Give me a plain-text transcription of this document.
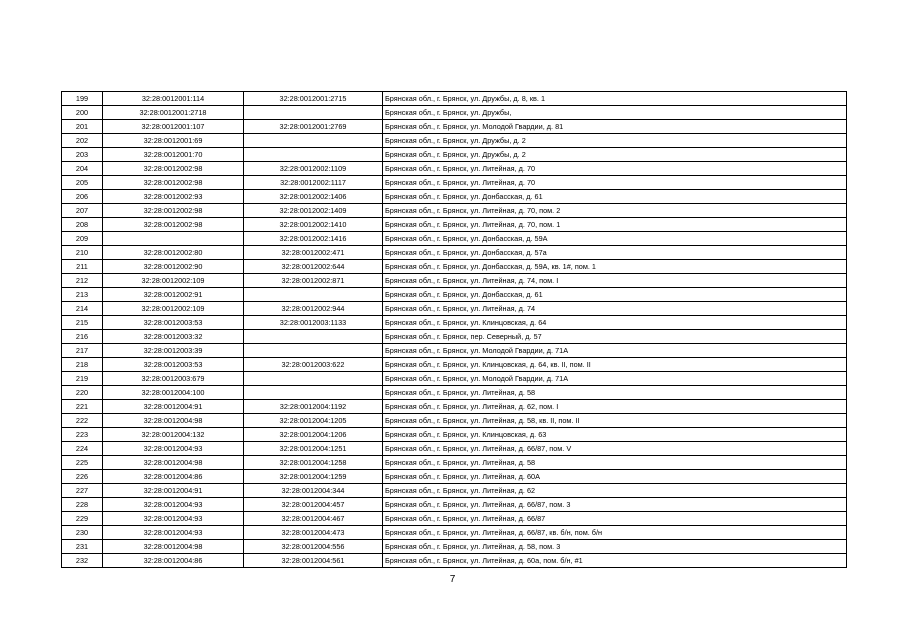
199	32:28:0012001:114	32:28:0012001:2715	Брянская обл., г. Брянск, ул. Дружбы, д. 8, кв. 1
200	32:28:0012001:2718		Брянская обл., г. Брянск, ул. Дружбы,
201	32:28:0012001:107	32:28:0012001:2769	Брянская обл., г. Брянск, ул. Молодой Гвардии, д. 81
202	32:28:0012001:69		Брянская обл., г. Брянск, ул. Дружбы, д. 2
203	32:28:0012001:70		Брянская обл., г. Брянск, ул. Дружбы, д. 2
204	32:28:0012002:98	32:28:0012002:1109	Брянская обл., г. Брянск, ул. Литейная, д. 70
205	32:28:0012002:98	32:28:0012002:1117	Брянская обл., г. Брянск, ул. Литейная, д. 70
206	32:28:0012002:93	32:28:0012002:1406	Брянская обл., г. Брянск, ул. Донбасская, д. 61
207	32:28:0012002:98	32:28:0012002:1409	Брянская обл., г. Брянск, ул. Литейная, д. 70, пом. 2
208	32:28:0012002:98	32:28:0012002:1410	Брянская обл., г. Брянск, ул. Литейная, д. 70, пом. 1
209		32:28:0012002:1416	Брянская обл., г. Брянск, ул. Донбасская, д. 59А
210	32:28:0012002:80	32:28:0012002:471	Брянская обл., г. Брянск, ул. Донбасская, д. 57а
211	32:28:0012002:90	32:28:0012002:644	Брянская обл., г. Брянск, ул. Донбасская, д. 59А, кв. 1#, пом. 1
212	32:28:0012002:109	32:28:0012002:871	Брянская обл., г. Брянск, ул. Литейная, д. 74, пом. I
213	32:28:0012002:91		Брянская обл., г. Брянск, ул. Донбасская, д. 61
214	32:28:0012002:109	32:28:0012002:944	Брянская обл., г. Брянск, ул. Литейная, д. 74
215	32:28:0012003:53	32:28:0012003:1133	Брянская обл., г. Брянск, ул. Клинцовская, д. 64
216	32:28:0012003:32		Брянская обл., г. Брянск, пер. Северный, д. 57
217	32:28:0012003:39		Брянская обл., г. Брянск, ул. Молодой Гвардии, д. 71А
218	32:28:0012003:53	32:28:0012003:622	Брянская обл., г. Брянск, ул. Клинцовская, д. 64, кв. II, пом. II
219	32:28:0012003:679		Брянская обл., г. Брянск, ул. Молодой Гвардии, д. 71А
220	32:28:0012004:100		Брянская обл., г. Брянск, ул. Литейная, д. 58
221	32:28:0012004:91	32:28:0012004:1192	Брянская обл., г. Брянск, ул. Литейная, д. 62, пом. I
222	32:28:0012004:98	32:28:0012004:1205	Брянская обл., г. Брянск, ул. Литейная, д. 58, кв. II, пом. II
223	32:28:0012004:132	32:28:0012004:1206	Брянская обл., г. Брянск, ул. Клинцовская, д. 63
224	32:28:0012004:93	32:28:0012004:1251	Брянская обл., г. Брянск, ул. Литейная, д. 66/87, пом. V
225	32:28:0012004:98	32:28:0012004:1258	Брянская обл., г. Брянск, ул. Литейная, д. 58
226	32:28:0012004:86	32:28:0012004:1259	Брянская обл., г. Брянск, ул. Литейная, д. 60А
227	32:28:0012004:91	32:28:0012004:344	Брянская обл., г. Брянск, ул. Литейная, д. 62
228	32:28:0012004:93	32:28:0012004:457	Брянская обл., г. Брянск, ул. Литейная, д. 66/87, пом. 3
229	32:28:0012004:93	32:28:0012004:467	Брянская обл., г. Брянск, ул. Литейная, д. 66/87
230	32:28:0012004:93	32:28:0012004:473	Брянская обл., г. Брянск, ул. Литейная, д. 66/87, кв. б/н, пом. б/н
231	32:28:0012004:98	32:28:0012004:556	Брянская обл., г. Брянск, ул. Литейная, д. 58, пом. 3
232	32:28:0012004:86	32:28:0012004:561	Брянская обл., г. Брянск, ул. Литейная, д. 60а, пом. б/н, #1
7
